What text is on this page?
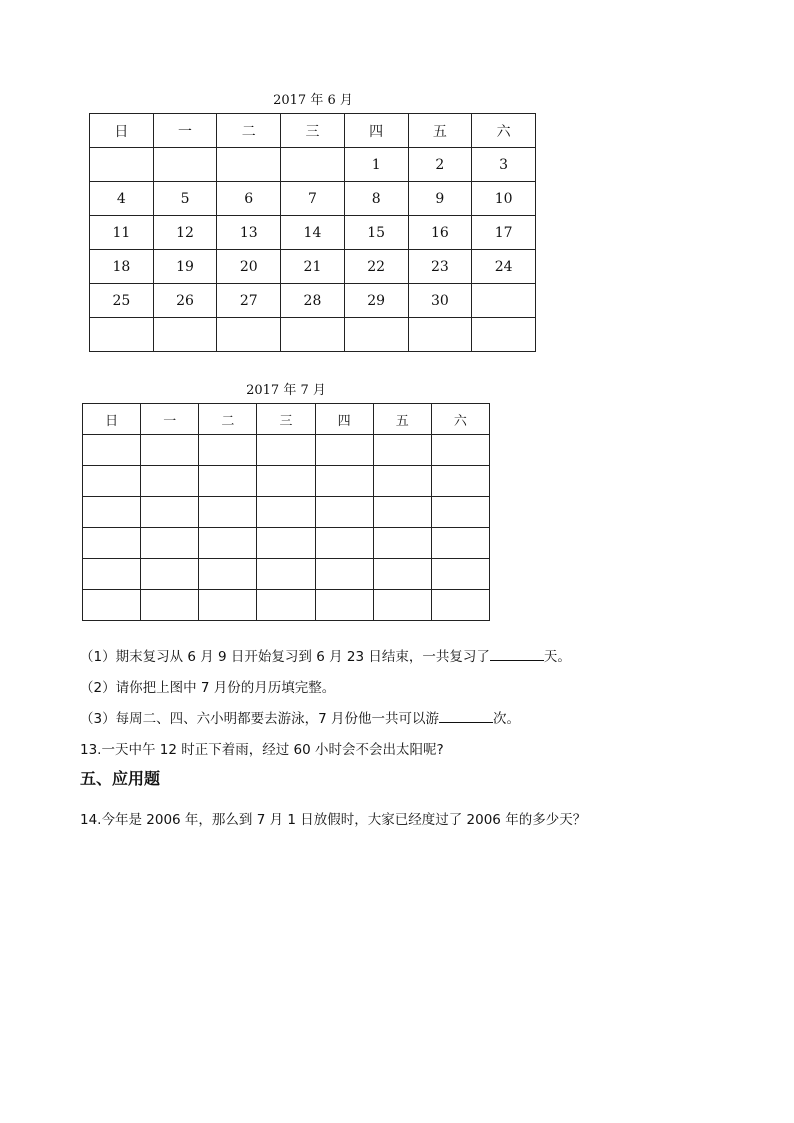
2017 年 6 月
日	一	二	三	四	五	六
				1	2	3
4	5	6	7	8	9	10
11	12	13	14	15	16	17
18	19	20	21	22	23	24
25	26	27	28	29	30	

2017 年 7 月
日	一	二	三	四	五	六

（1）期末复习从 6 月 9 日开始复习到 6 月 23 日结束，一共复习了	天。
（2）请你把上图中 7 月份的月历填完整。
（3）每周二、四、六小明都要去游泳，7 月份他一共可以游	次。
13.一天中午 12 时正下着雨，经过 60 小时会不会出太阳呢?
五、应用题
14.今年是 2006 年，那么到 7 月 1 日放假时，大家已经度过了 2006 年的多少天？
